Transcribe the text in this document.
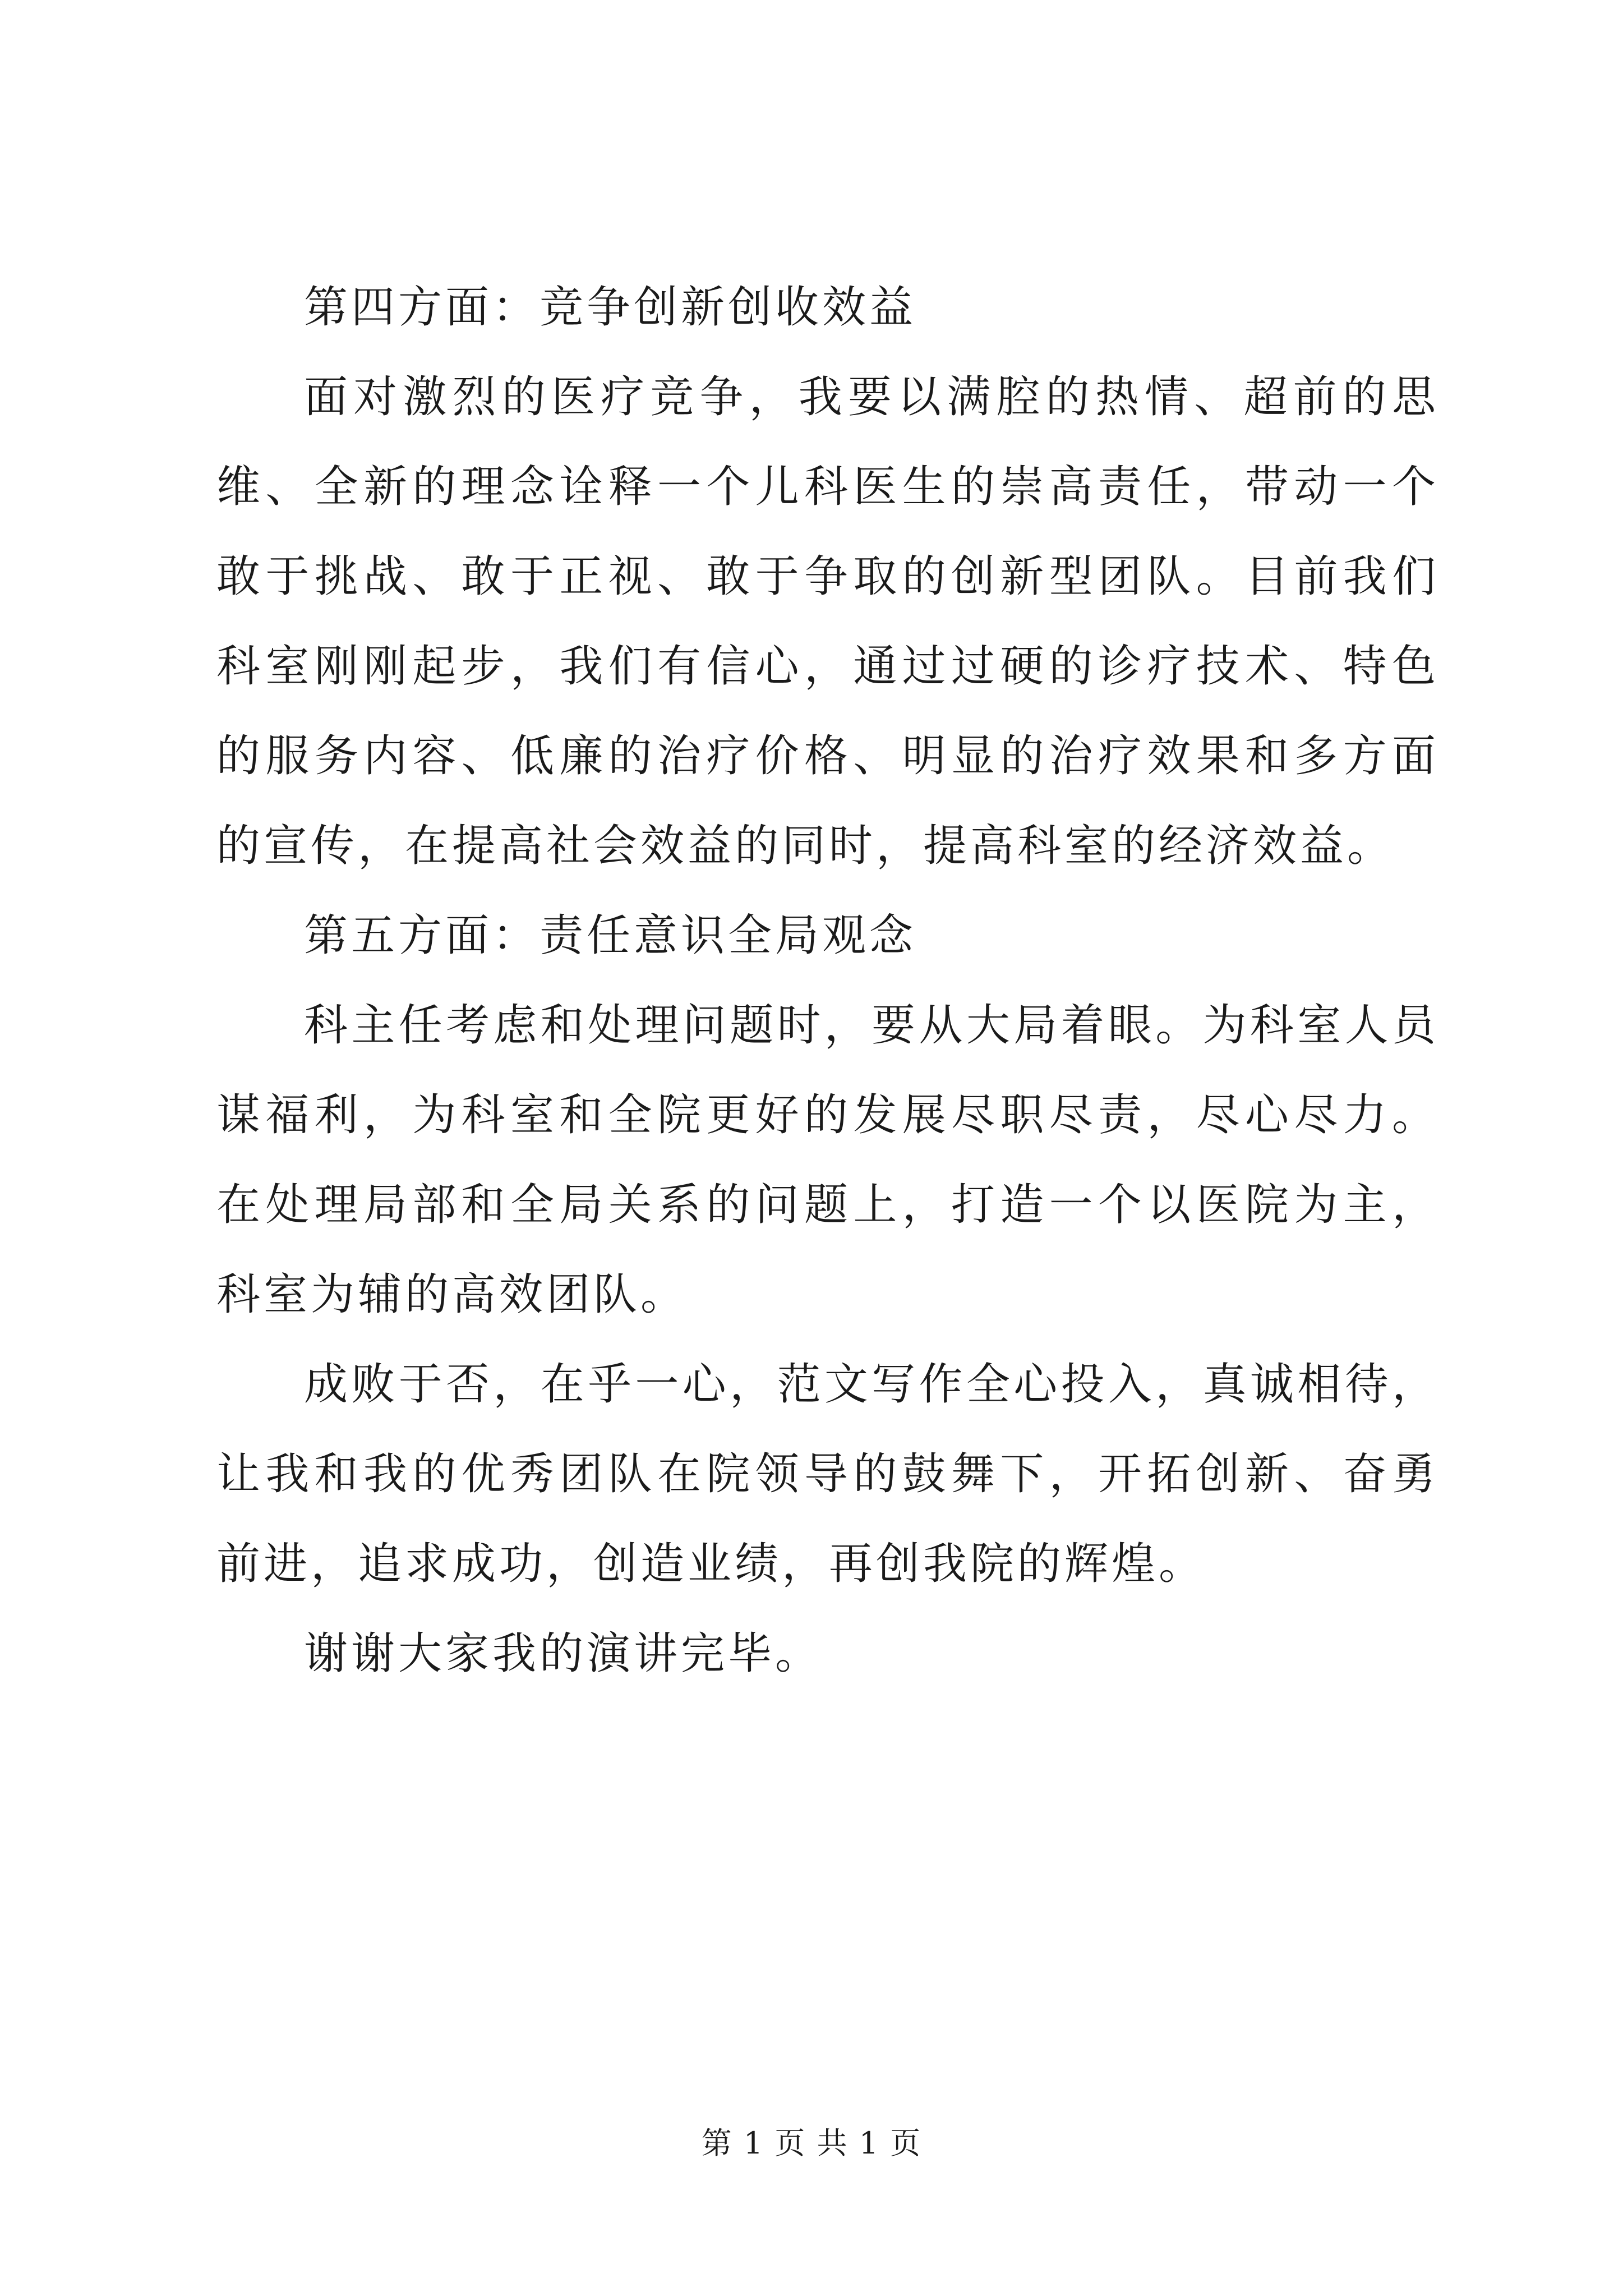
第四方面：竞争创新创收效益

面对激烈的医疗竞争，我要以满腔的热情、超前的思维、全新的理念诠释一个儿科医生的崇高责任，带动一个敢于挑战、敢于正视、敢于争取的创新型团队。目前我们科室刚刚起步，我们有信心，通过过硬的诊疗技术、特色的服务内容、低廉的治疗价格、明显的治疗效果和多方面的宣传，在提高社会效益的同时，提高科室的经济效益。

第五方面：责任意识全局观念

科主任考虑和处理问题时，要从大局着眼。为科室人员谋福利，为科室和全院更好的发展尽职尽责，尽心尽力。在处理局部和全局关系的问题上，打造一个以医院为主，科室为辅的高效团队。

成败于否，在乎一心，范文写作全心投入，真诚相待，让我和我的优秀团队在院领导的鼓舞下，开拓创新、奋勇前进，追求成功，创造业绩，再创我院的辉煌。

谢谢大家我的演讲完毕。

第 1 页 共 1 页
